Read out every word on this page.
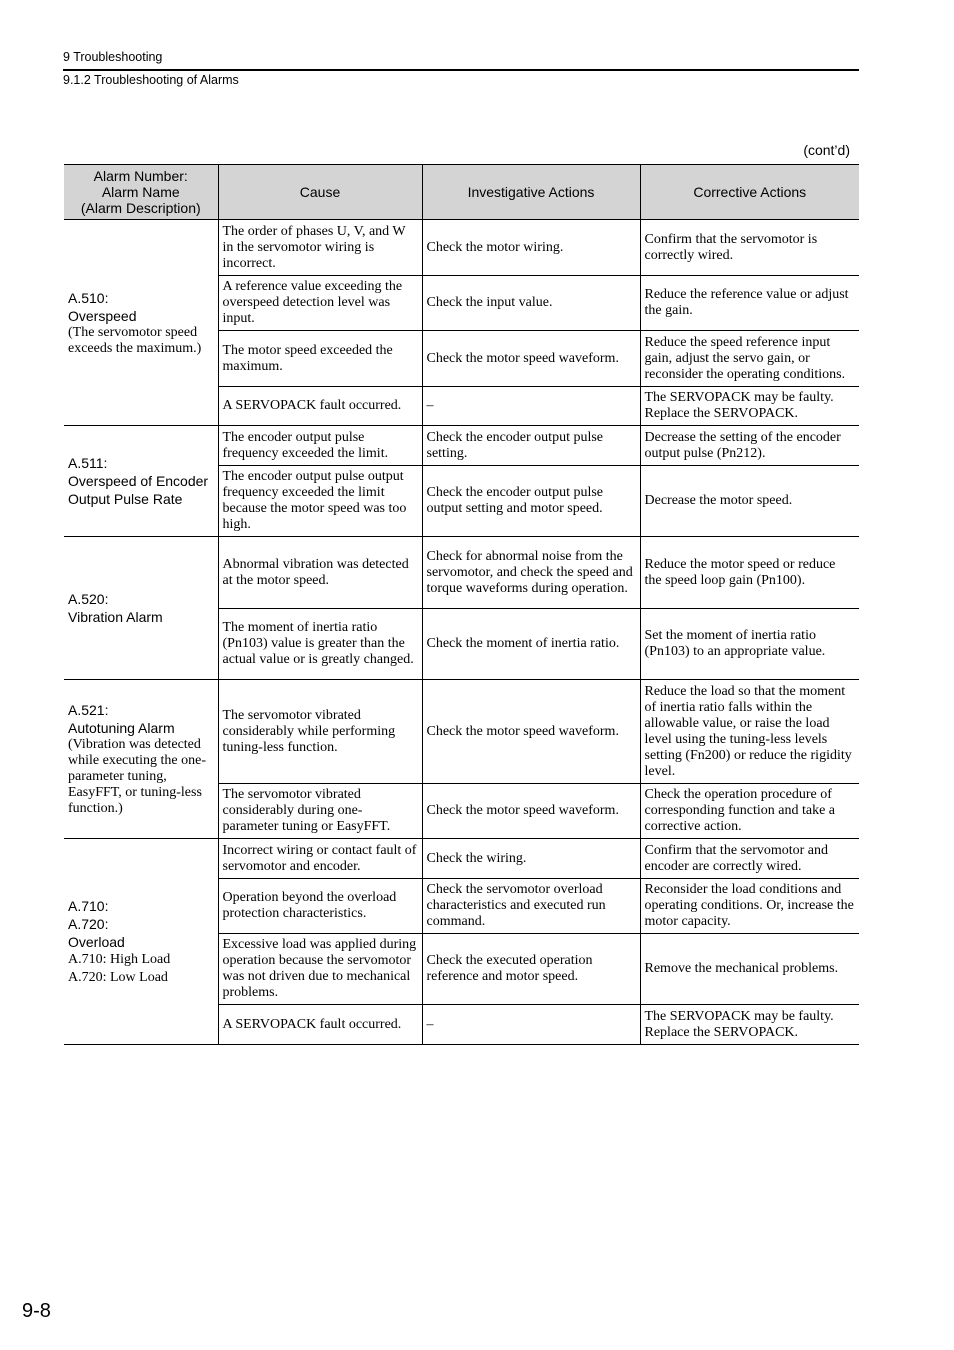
9 Troubleshooting
9.1.2 Troubleshooting of Alarms
(cont’d)
Alarm Number:
Alarm Name
(Alarm Description)	Cause	Investigative Actions	Corrective Actions

A.510:
Overspeed
(The servomotor speed exceeds the maximum.)	The order of phases U, V, and W in the servomotor wiring is incorrect.	Check the motor wiring.	Confirm that the servomotor is correctly wired.
	A reference value exceeding the overspeed detection level was input.	Check the input value.	Reduce the reference value or adjust the gain.
	The motor speed exceeded the maximum.	Check the motor speed waveform.	Reduce the speed reference input gain, adjust the servo gain, or reconsider the operating conditions.
	A SERVOPACK fault occurred.	–	The SERVOPACK may be faulty. Replace the SERVOPACK.

A.511:
Overspeed of Encoder Output Pulse Rate	The encoder output pulse frequency exceeded the limit.	Check the encoder output pulse setting.	Decrease the setting of the encoder output pulse (Pn212).
	The encoder output pulse output frequency exceeded the limit because the motor speed was too high.	Check the encoder output pulse output setting and motor speed.	Decrease the motor speed.

A.520:
Vibration Alarm	Abnormal vibration was detected at the motor speed.	Check for abnormal noise from the servomotor, and check the speed and torque waveforms during operation.	Reduce the motor speed or reduce the speed loop gain (Pn100).
	The moment of inertia ratio (Pn103) value is greater than the actual value or is greatly changed.	Check the moment of inertia ratio.	Set the moment of inertia ratio (Pn103) to an appropriate value.

A.521:
Autotuning Alarm
(Vibration was detected while executing the one-parameter tuning, EasyFFT, or tuning-less function.)	The servomotor vibrated considerably while performing tuning-less function.	Check the motor speed waveform.	Reduce the load so that the moment of inertia ratio falls within the allowable value, or raise the load level using the tuning-less levels setting (Fn200) or reduce the rigidity level.
	The servomotor vibrated considerably during one-parameter tuning or EasyFFT.	Check the motor speed waveform.	Check the operation procedure of corresponding function and take a corrective action.

A.710:
A.720:
Overload
A.710: High Load
A.720: Low Load	Incorrect wiring or contact fault of servomotor and encoder.	Check the wiring.	Confirm that the servomotor and encoder are correctly wired.
	Operation beyond the overload protection characteristics.	Check the servomotor overload characteristics and executed run command.	Reconsider the load conditions and operating conditions. Or, increase the motor capacity.
	Excessive load was applied during operation because the servomotor was not driven due to mechanical problems.	Check the executed operation reference and motor speed.	Remove the mechanical problems.
	A SERVOPACK fault occurred.	–	The SERVOPACK may be faulty. Replace the SERVOPACK.
9-8
